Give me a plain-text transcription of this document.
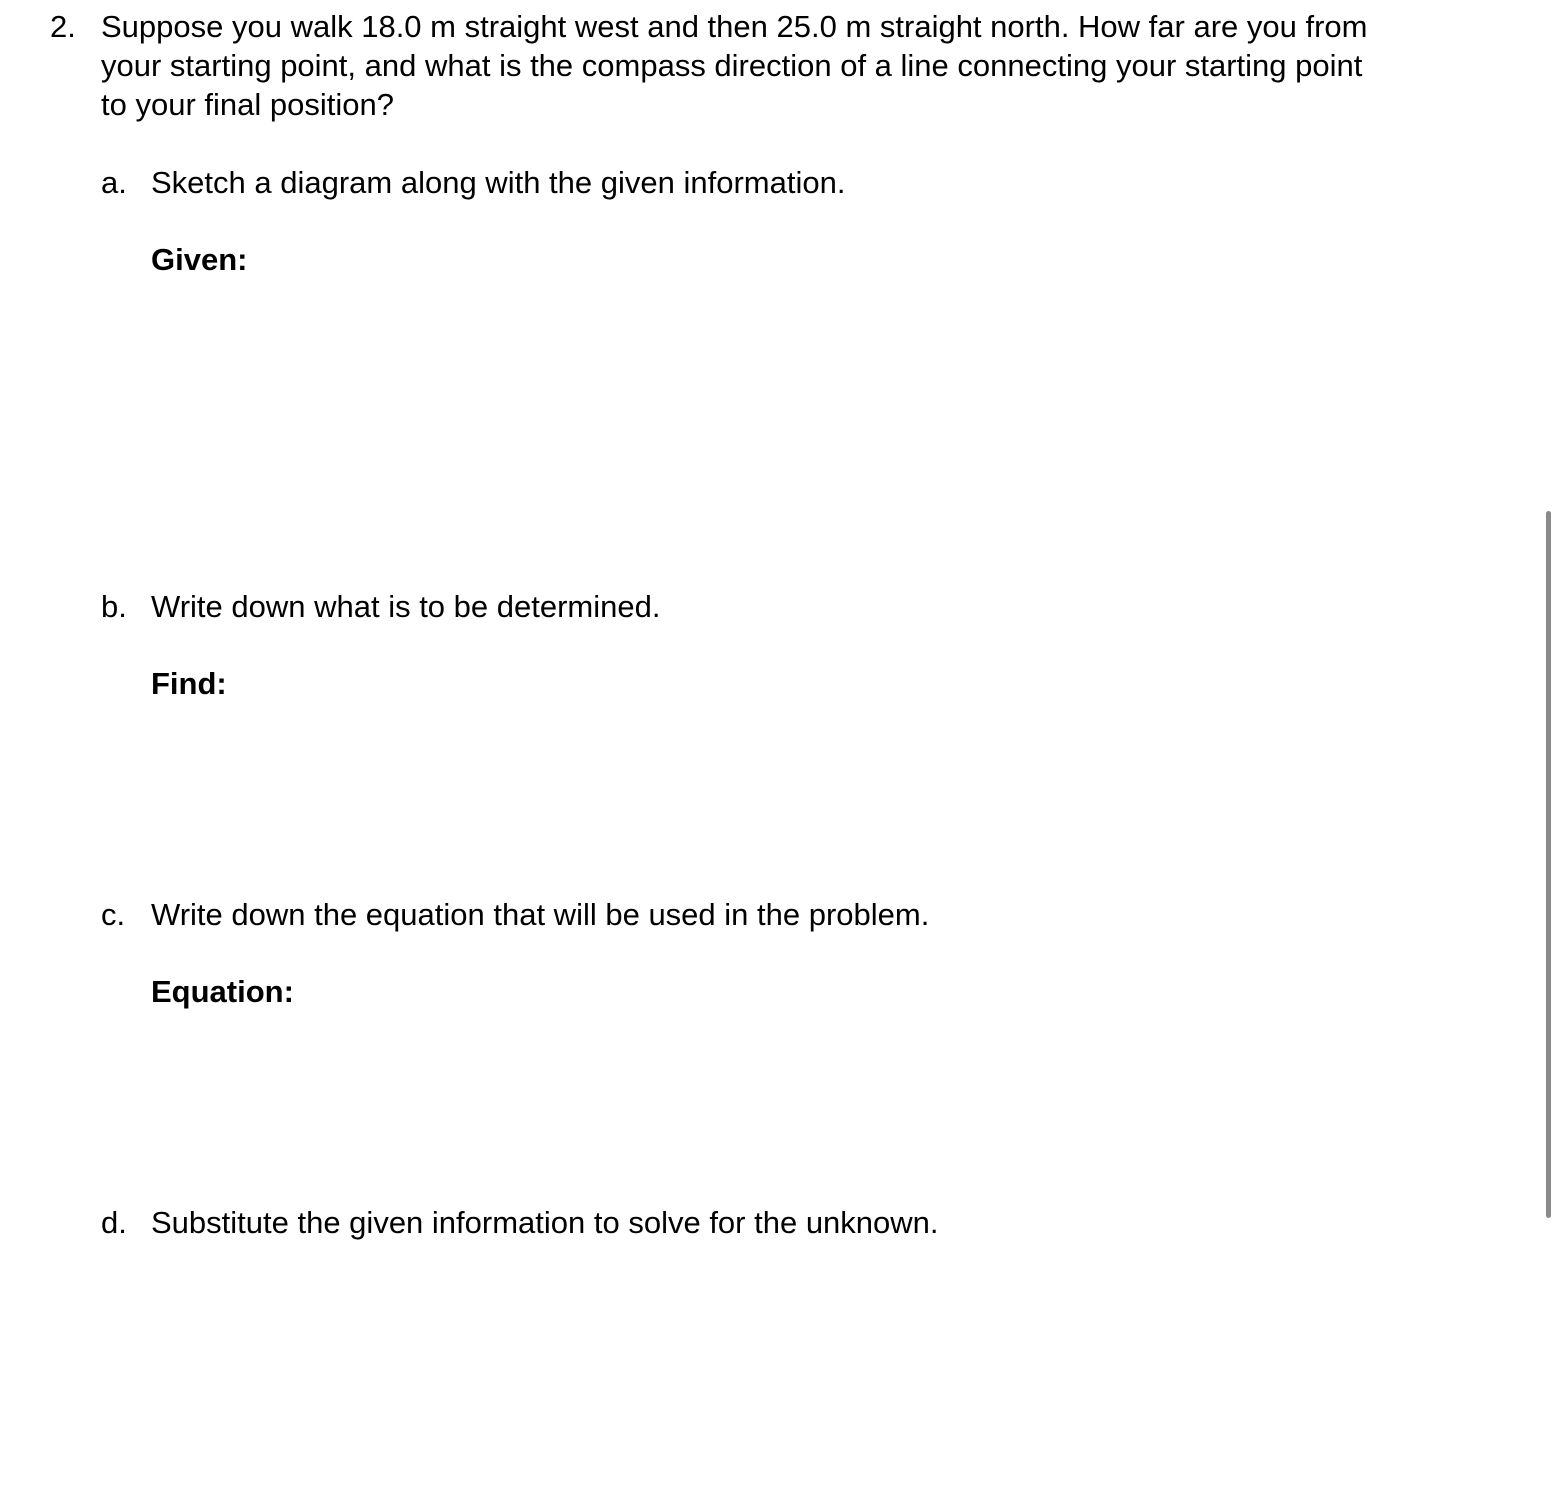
2. Suppose you walk 18.0 m straight west and then 25.0 m straight north. How far are you from
your starting point, and what is the compass direction of a line connecting your starting point
to your final position?
a. Sketch a diagram along with the given information.
Given:
b. Write down what is to be determined.
Find:
c. Write down the equation that will be used in the problem.
Equation:
d. Substitute the given information to solve for the unknown.
